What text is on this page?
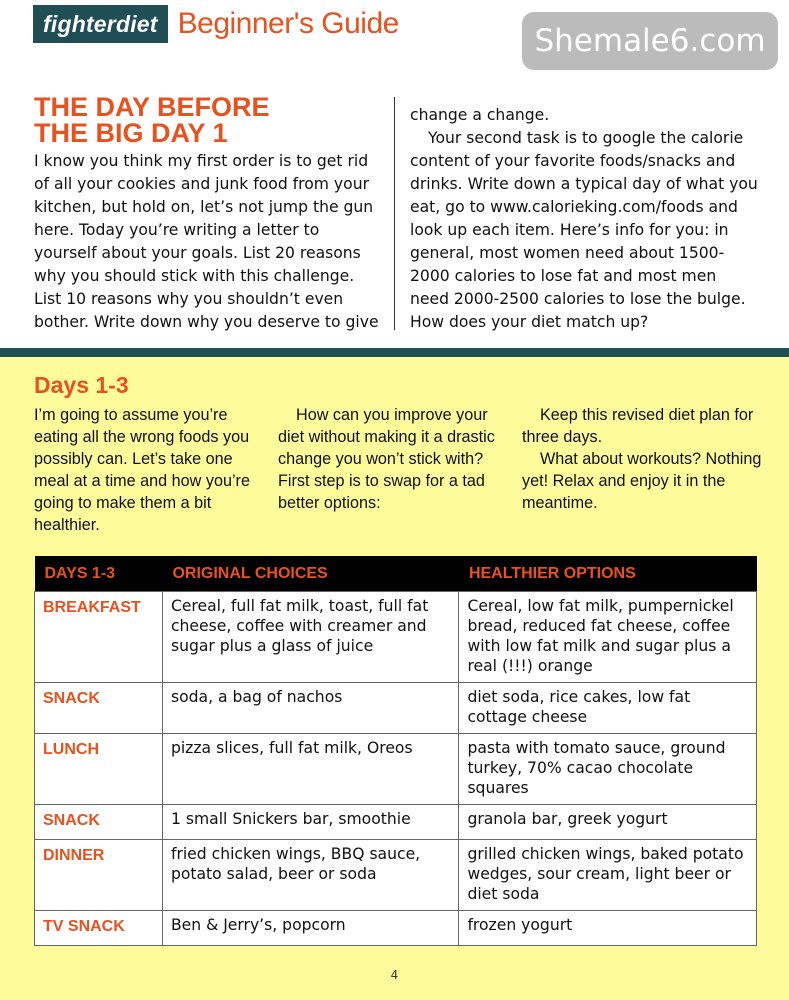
fighterdiet Beginner's Guide	Shemale6.com
THE DAY BEFORE
THE BIG DAY 1

I know you think my first order is to get rid of all your cookies and junk food from your kitchen, but hold on, let’s not jump the gun here. Today you’re writing a letter to yourself about your goals. List 20 reasons why you should stick with this challenge. List 10 reasons why you shouldn’t even bother. Write down why you deserve to give

change a change.

Your second task is to google the calorie content of your favorite foods/snacks and drinks. Write down a typical day of what you eat, go to www.calorieking.com/foods and look up each item. Here’s info for you: in general, most women need about 1500-2000 calories to lose fat and most men need 2000-2500 calories to lose the bulge. How does your diet match up?

Days 1-3

I’m going to assume you’re eating all the wrong foods you possibly can. Let’s take one meal at a time and how you’re going to make them a bit healthier.

How can you improve your diet without making it a drastic change you won’t stick with? First step is to swap for a tad better options:

Keep this revised diet plan for three days.

What about workouts? Nothing yet! Relax and enjoy it in the meantime.

DAYS 1-3	ORIGINAL CHOICES	HEALTHIER OPTIONS
BREAKFAST	Cereal, full fat milk, toast, full fat cheese, coffee with creamer and sugar plus a glass of juice	Cereal, low fat milk, pumpernickel bread, reduced fat cheese, coffee with low fat milk and sugar plus a real (!!!) orange
SNACK	soda, a bag of nachos	diet soda, rice cakes, low fat cottage cheese
LUNCH	pizza slices, full fat milk, Oreos	pasta with tomato sauce, ground turkey, 70% cacao chocolate squares
SNACK	1 small Snickers bar, smoothie	granola bar, greek yogurt
DINNER	fried chicken wings, BBQ sauce, potato salad, beer or soda	grilled chicken wings, baked potato wedges, sour cream, light beer or diet soda
TV SNACK	Ben & Jerry’s, popcorn	frozen yogurt
4
